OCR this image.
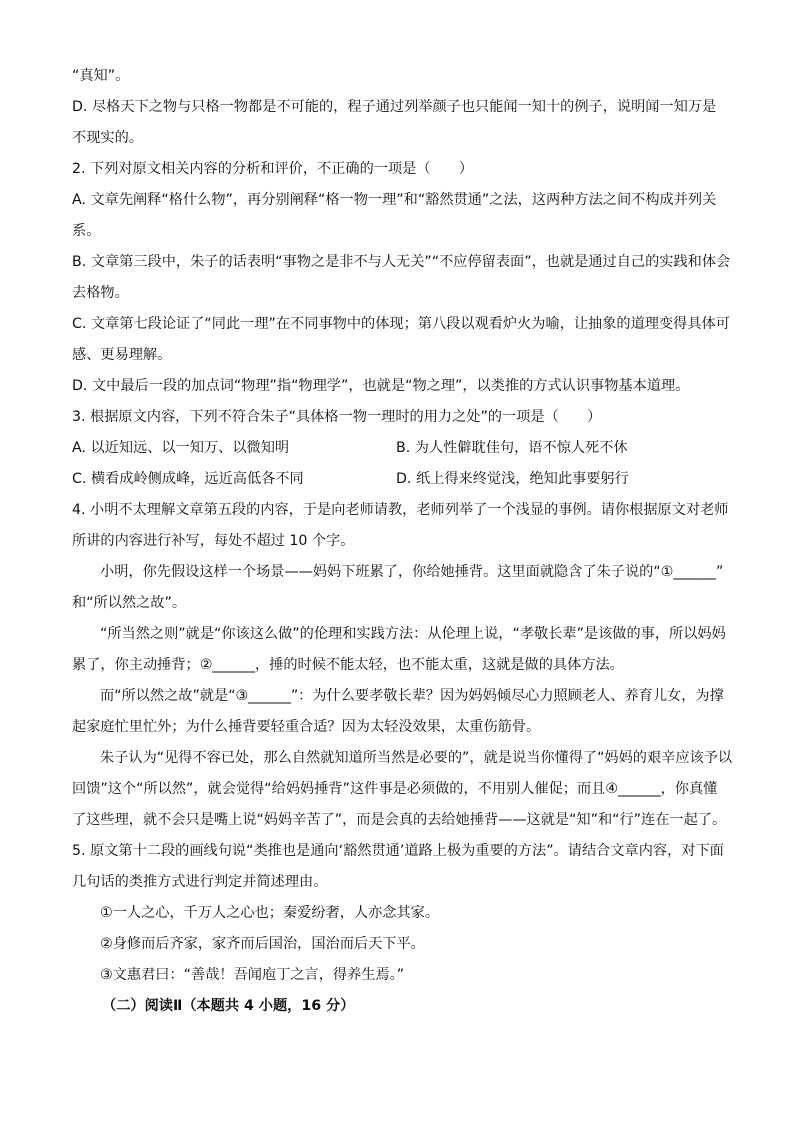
“真知”。
D. 尽格天下之物与只格一物都是不可能的，程子通过列举颜子也只能闻一知十的例子，说明闻一知万是
不现实的。
2. 下列对原文相关内容的分析和评价，不正确的一项是（　　）
A. 文章先阐释“格什么物”，再分别阐释“格一物一理”和“豁然贯通”之法，这两种方法之间不构成并列关
系。
B. 文章第三段中，朱子的话表明“事物之是非不与人无关”“不应停留表面”，也就是通过自己的实践和体会
去格物。
C. 文章第七段论证了“同此一理”在不同事物中的体现；第八段以观看炉火为喻，让抽象的道理变得具体可
感、更易理解。
D. 文中最后一段的加点词“物理”指“物理学”，也就是“物之理”，以类推的方式认识事物基本道理。
3. 根据原文内容，下列不符合朱子“具体格一物一理时的用力之处”的一项是（　　）
A. 以近知远、以一知万、以微知明	B. 为人性僻耽佳句，语不惊人死不休
C. 横看成岭侧成峰，远近高低各不同	D. 纸上得来终觉浅，绝知此事要躬行
4. 小明不太理解文章第五段的内容，于是向老师请教，老师列举了一个浅显的事例。请你根据原文对老师
所讲的内容进行补写，每处不超过 10 个字。
小明，你先假设这样一个场景——妈妈下班累了，你给她捶背。这里面就隐含了朱子说的“①______”
和“所以然之故”。
“所当然之则”就是“你该这么做”的伦理和实践方法：从伦理上说，“孝敬长辈”是该做的事，所以妈妈
累了，你主动捶背；②______，捶的时候不能太轻，也不能太重，这就是做的具体方法。
而“所以然之故”就是“③______”：为什么要孝敬长辈？因为妈妈倾尽心力照顾老人、养育儿女，为撑
起家庭忙里忙外；为什么捶背要轻重合适？因为太轻没效果，太重伤筋骨。
朱子认为“见得不容已处，那么自然就知道所当然是必要的”，就是说当你懂得了“妈妈的艰辛应该予以
回馈”这个“所以然”，就会觉得“给妈妈捶背”这件事是必须做的，不用别人催促；而且④______，你真懂
了这些理，就不会只是嘴上说“妈妈辛苦了”，而是会真的去给她捶背——这就是“知”和“行”连在一起了。
5. 原文第十二段的画线句说“类推也是通向‘豁然贯通’道路上极为重要的方法”。请结合文章内容，对下面
几句话的类推方式进行判定并简述理由。
①一人之心，千万人之心也；秦爱纷奢，人亦念其家。
②身修而后齐家，家齐而后国治，国治而后天下平。
③文惠君曰：“善哉！吾闻庖丁之言，得养生焉。”
（二）阅读Ⅱ（本题共 4 小题，16 分）
